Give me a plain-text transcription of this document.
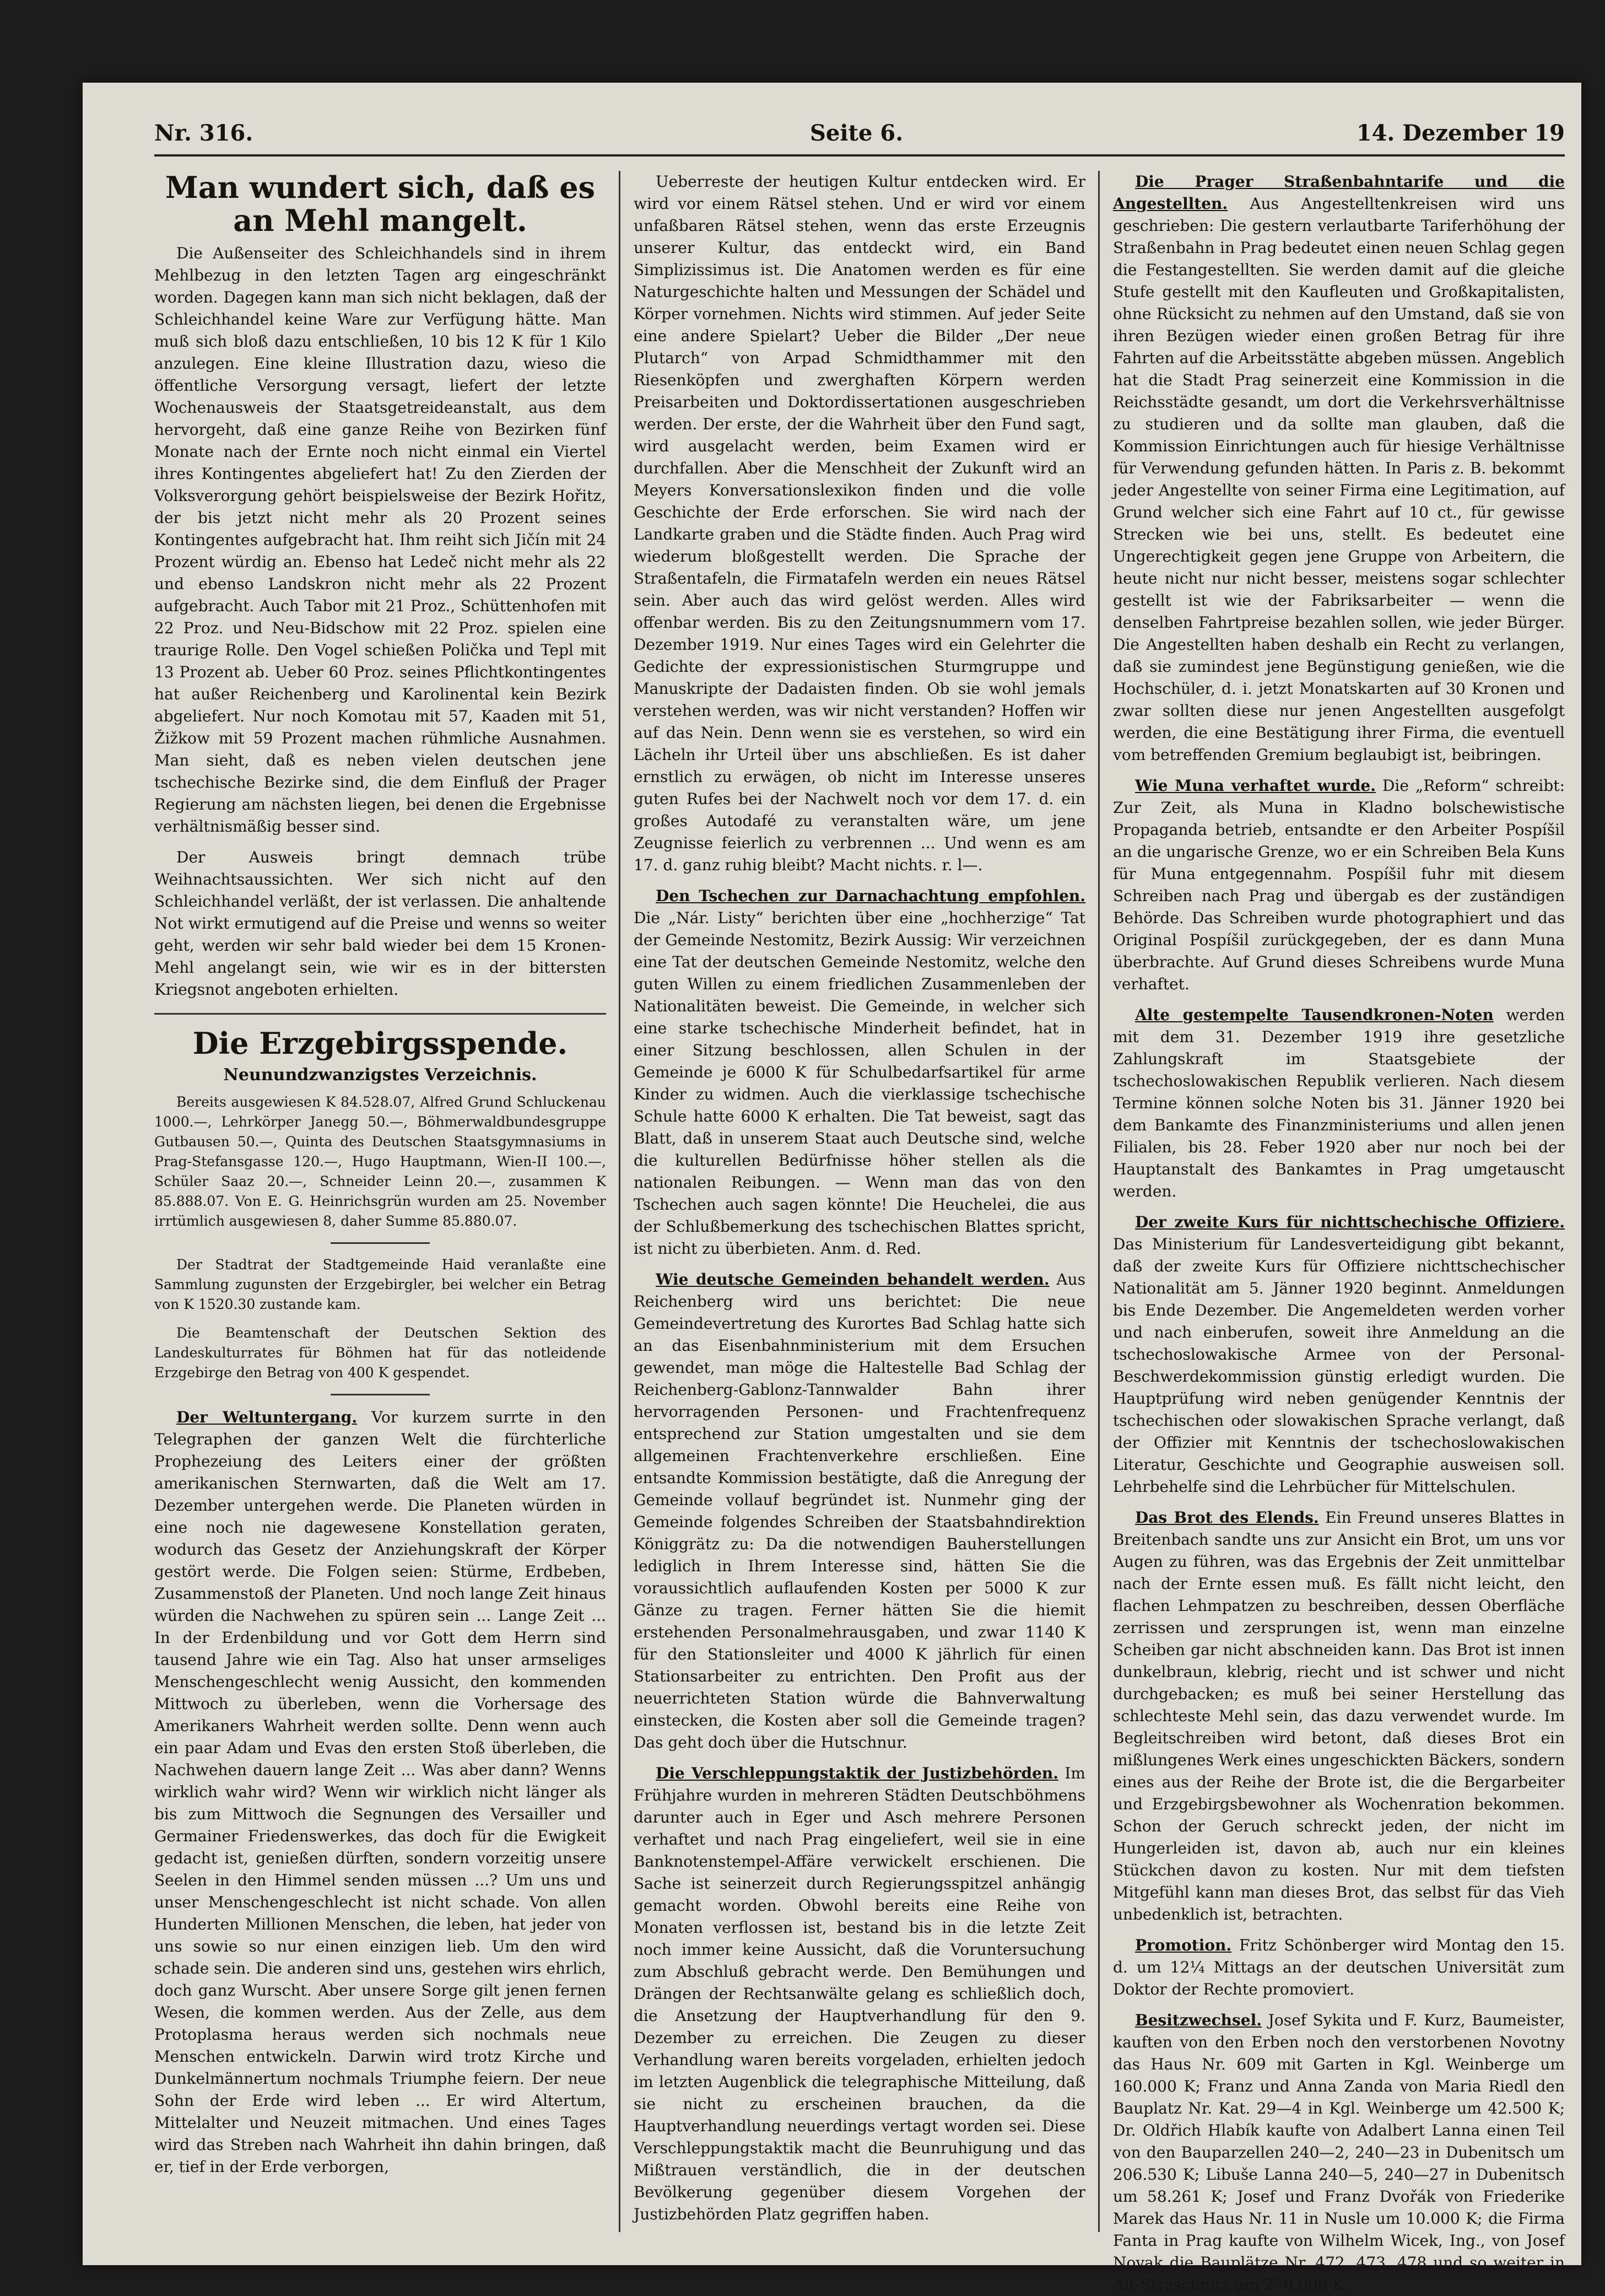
Nr. 316.	Seite 6.	14. Dezember 19
Man wundert sich, daß es an Mehl mangelt.

Die Außenseiter des Schleichhandels sind in ihrem Mehlbezug in den letzten Tagen arg eingeschränkt worden. Dagegen kann man sich nicht beklagen, daß der Schleichhandel keine Ware zur Verfügung hätte. Man muß sich bloß dazu entschließen, 10 bis 12 K für 1 Kilo anzulegen. Eine kleine Illustration dazu, wieso die öffentliche Versorgung versagt, liefert der letzte Wochenausweis der Staatsgetreideanstalt, aus dem hervorgeht, daß eine ganze Reihe von Bezirken fünf Monate nach der Ernte noch nicht einmal ein Viertel ihres Kontingentes abgeliefert hat! Zu den Zierden der Volksverorgung gehört beispielsweise der Bezirk Hořitz, der bis jetzt nicht mehr als 20 Prozent seines Kontingentes aufgebracht hat. Ihm reiht sich Jičín mit 24 Prozent würdig an. Ebenso hat Ledeč nicht mehr als 22 und ebenso Landskron nicht mehr als 22 Prozent aufgebracht. Auch Tabor mit 21 Proz., Schüttenhofen mit 22 Proz. und Neu-Bidschow mit 22 Proz. spielen eine traurige Rolle. Den Vogel schießen Polička und Tepl mit 13 Prozent ab. Ueber 60 Proz. seines Pflichtkontingentes hat außer Reichenberg und Karolinental kein Bezirk abgeliefert. Nur noch Komotau mit 57, Kaaden mit 51, Žižkow mit 59 Prozent machen rühmliche Ausnahmen. Man sieht, daß es neben vielen deutschen jene tschechische Bezirke sind, die dem Einfluß der Prager Regierung am nächsten liegen, bei denen die Ergebnisse verhältnismäßig besser sind.

Der Ausweis bringt demnach trübe Weihnachtsaussichten. Wer sich nicht auf den Schleichhandel verläßt, der ist verlassen. Die anhaltende Not wirkt ermutigend auf die Preise und wenns so weiter geht, werden wir sehr bald wieder bei dem 15 Kronen-Mehl angelangt sein, wie wir es in der bittersten Kriegsnot angeboten erhielten.

Die Erzgebirgsspende.
Neunundzwanzigstes Verzeichnis.

Bereits ausgewiesen K 84.528.07, Alfred Grund Schluckenau 1000.—, Lehrkörper Janegg 50.—, Böhmerwaldbundesgruppe Gutbausen 50.—, Quinta des Deutschen Staatsgymnasiums in Prag-Stefansgasse 120.—, Hugo Hauptmann, Wien-II 100.—, Schüler Saaz 20.—, Schneider Leinn 20.—, zusammen K 85.888.07. Von E. G. Heinrichsgrün wurden am 25. November irrtümlich ausgewiesen 8, daher Summe 85.880.07.

Der Stadtrat der Stadtgemeinde Haid veranlaßte eine Sammlung zugunsten der Erzgebirgler, bei welcher ein Betrag von K 1520.30 zustande kam.

Die Beamtenschaft der Deutschen Sektion des Landeskulturrates für Böhmen hat für das notleidende Erzgebirge den Betrag von 400 K gespendet.

Der Weltuntergang. Vor kurzem surrte in den Telegraphen der ganzen Welt die fürchterliche Prophezeiung des Leiters einer der größten amerikanischen Sternwarten, daß die Welt am 17. Dezember untergehen werde. Die Planeten würden in eine noch nie dagewesene Konstellation geraten, wodurch das Gesetz der Anziehungskraft der Körper gestört werde. Die Folgen seien: Stürme, Erdbeben, Zusammenstoß der Planeten. Und noch lange Zeit hinaus würden die Nachwehen zu spüren sein ... Lange Zeit ... In der Erdenbildung und vor Gott dem Herrn sind tausend Jahre wie ein Tag. Also hat unser armseliges Menschengeschlecht wenig Aussicht, den kommenden Mittwoch zu überleben, wenn die Vorhersage des Amerikaners Wahrheit werden sollte. Denn wenn auch ein paar Adam und Evas den ersten Stoß überleben, die Nachwehen dauern lange Zeit ... Was aber dann? Wenns wirklich wahr wird? Wenn wir wirklich nicht länger als bis zum Mittwoch die Segnungen des Versailler und Germainer Friedenswerkes, das doch für die Ewigkeit gedacht ist, genießen dürften, sondern vorzeitig unsere Seelen in den Himmel senden müssen ...? Um uns und unser Menschengeschlecht ist nicht schade. Von allen Hunderten Millionen Menschen, die leben, hat jeder von uns sowie so nur einen einzigen lieb. Um den wird schade sein. Die anderen sind uns, gestehen wirs ehrlich, doch ganz Wurscht. Aber unsere Sorge gilt jenen fernen Wesen, die kommen werden. Aus der Zelle, aus dem Protoplasma heraus werden sich nochmals neue Menschen entwickeln. Darwin wird trotz Kirche und Dunkelmännertum nochmals Triumphe feiern. Der neue Sohn der Erde wird leben ... Er wird Altertum, Mittelalter und Neuzeit mitmachen. Und eines Tages wird das Streben nach Wahrheit ihn dahin bringen, daß er, tief in der Erde verborgen,

Ueberreste der heutigen Kultur entdecken wird. Er wird vor einem Rätsel stehen. Und er wird vor einem unfaßbaren Rätsel stehen, wenn das erste Erzeugnis unserer Kultur, das entdeckt wird, ein Band Simplizissimus ist. Die Anatomen werden es für eine Naturgeschichte halten und Messungen der Schädel und Körper vornehmen. Nichts wird stimmen. Auf jeder Seite eine andere Spielart? Ueber die Bilder „Der neue Plutarch“ von Arpad Schmidthammer mit den Riesenköpfen und zwerghaften Körpern werden Preisarbeiten und Doktordissertationen ausgeschrieben werden. Der erste, der die Wahrheit über den Fund sagt, wird ausgelacht werden, beim Examen wird er durchfallen. Aber die Menschheit der Zukunft wird an Meyers Konversationslexikon finden und die volle Geschichte der Erde erforschen. Sie wird nach der Landkarte graben und die Städte finden. Auch Prag wird wiederum bloßgestellt werden. Die Sprache der Straßentafeln, die Firmatafeln werden ein neues Rätsel sein. Aber auch das wird gelöst werden. Alles wird offenbar werden. Bis zu den Zeitungsnummern vom 17. Dezember 1919. Nur eines Tages wird ein Gelehrter die Gedichte der expressionistischen Sturmgruppe und Manuskripte der Dadaisten finden. Ob sie wohl jemals verstehen werden, was wir nicht verstanden? Hoffen wir auf das Nein. Denn wenn sie es verstehen, so wird ein Lächeln ihr Urteil über uns abschließen. Es ist daher ernstlich zu erwägen, ob nicht im Interesse unseres guten Rufes bei der Nachwelt noch vor dem 17. d. ein großes Autodafé zu veranstalten wäre, um jene Zeugnisse feierlich zu verbrennen ... Und wenn es am 17. d. ganz ruhig bleibt? Macht nichts. r. l—.

Den Tschechen zur Darnachachtung empfohlen. Die „Nár. Listy“ berichten über eine „hochherzige“ Tat der Gemeinde Nestomitz, Bezirk Aussig: Wir verzeichnen eine Tat der deutschen Gemeinde Nestomitz, welche den guten Willen zu einem friedlichen Zusammenleben der Nationalitäten beweist. Die Gemeinde, in welcher sich eine starke tschechische Minderheit befindet, hat in einer Sitzung beschlossen, allen Schulen in der Gemeinde je 6000 K für Schulbedarfsartikel für arme Kinder zu widmen. Auch die vierklassige tschechische Schule hatte 6000 K erhalten. Die Tat beweist, sagt das Blatt, daß in unserem Staat auch Deutsche sind, welche die kulturellen Bedürfnisse höher stellen als die nationalen Reibungen. — Wenn man das von den Tschechen auch sagen könnte! Die Heuchelei, die aus der Schlußbemerkung des tschechischen Blattes spricht, ist nicht zu überbieten. Anm. d. Red.

Wie deutsche Gemeinden behandelt werden. Aus Reichenberg wird uns berichtet: Die neue Gemeindevertretung des Kurortes Bad Schlag hatte sich an das Eisenbahnministerium mit dem Ersuchen gewendet, man möge die Haltestelle Bad Schlag der Reichenberg-Gablonz-Tannwalder Bahn ihrer hervorragenden Personen- und Frachtenfrequenz entsprechend zur Station umgestalten und sie dem allgemeinen Frachtenverkehre erschließen. Eine entsandte Kommission bestätigte, daß die Anregung der Gemeinde vollauf begründet ist. Nunmehr ging der Gemeinde folgendes Schreiben der Staatsbahndirektion Königgrätz zu: Da die notwendigen Bauherstellungen lediglich in Ihrem Interesse sind, hätten Sie die voraussichtlich auflaufenden Kosten per 5000 K zur Gänze zu tragen. Ferner hätten Sie die hiemit erstehenden Personalmehrausgaben, und zwar 1140 K für den Stationsleiter und 4000 K jährlich für einen Stationsarbeiter zu entrichten. Den Profit aus der neuerrichteten Station würde die Bahnverwaltung einstecken, die Kosten aber soll die Gemeinde tragen? Das geht doch über die Hutschnur.

Die Verschleppungstaktik der Justizbehörden. Im Frühjahre wurden in mehreren Städten Deutschböhmens darunter auch in Eger und Asch mehrere Personen verhaftet und nach Prag eingeliefert, weil sie in eine Banknotenstempel-Affäre verwickelt erschienen. Die Sache ist seinerzeit durch Regierungsspitzel anhängig gemacht worden. Obwohl bereits eine Reihe von Monaten verflossen ist, bestand bis in die letzte Zeit noch immer keine Aussicht, daß die Voruntersuchung zum Abschluß gebracht werde. Den Bemühungen und Drängen der Rechtsanwälte gelang es schließlich doch, die Ansetzung der Hauptverhandlung für den 9. Dezember zu erreichen. Die Zeugen zu dieser Verhandlung waren bereits vorgeladen, erhielten jedoch im letzten Augenblick die telegraphische Mitteilung, daß sie nicht zu erscheinen brauchen, da die Hauptverhandlung neuerdings vertagt worden sei. Diese Verschleppungstaktik macht die Beunruhigung und das Mißtrauen verständlich, die in der deutschen Bevölkerung gegenüber diesem Vorgehen der Justizbehörden Platz gegriffen haben.

Die Prager Straßenbahntarife und die Angestellten. Aus Angestelltenkreisen wird uns geschrieben: Die gestern verlautbarte Tariferhöhung der Straßenbahn in Prag bedeutet einen neuen Schlag gegen die Festangestellten. Sie werden damit auf die gleiche Stufe gestellt mit den Kaufleuten und Großkapitalisten, ohne Rücksicht zu nehmen auf den Umstand, daß sie von ihren Bezügen wieder einen großen Betrag für ihre Fahrten auf die Arbeitsstätte abgeben müssen. Angeblich hat die Stadt Prag seinerzeit eine Kommission in die Reichsstädte gesandt, um dort die Verkehrsverhältnisse zu studieren und da sollte man glauben, daß die Kommission Einrichtungen auch für hiesige Verhältnisse für Verwendung gefunden hätten. In Paris z. B. bekommt jeder Angestellte von seiner Firma eine Legitimation, auf Grund welcher sich eine Fahrt auf 10 ct., für gewisse Strecken wie bei uns, stellt. Es bedeutet eine Ungerechtigkeit gegen jene Gruppe von Arbeitern, die heute nicht nur nicht besser, meistens sogar schlechter gestellt ist wie der Fabriksarbeiter — wenn die denselben Fahrtpreise bezahlen sollen, wie jeder Bürger. Die Angestellten haben deshalb ein Recht zu verlangen, daß sie zumindest jene Begünstigung genießen, wie die Hochschüler, d. i. jetzt Monatskarten auf 30 Kronen und zwar sollten diese nur jenen Angestellten ausgefolgt werden, die eine Bestätigung ihrer Firma, die eventuell vom betreffenden Gremium beglaubigt ist, beibringen.

Wie Muna verhaftet wurde. Die „Reform“ schreibt: Zur Zeit, als Muna in Kladno bolschewistische Propaganda betrieb, entsandte er den Arbeiter Pospíšil an die ungarische Grenze, wo er ein Schreiben Bela Kuns für Muna entgegennahm. Pospíšil fuhr mit diesem Schreiben nach Prag und übergab es der zuständigen Behörde. Das Schreiben wurde photographiert und das Original Pospíšil zurückgegeben, der es dann Muna überbrachte. Auf Grund dieses Schreibens wurde Muna verhaftet.

Alte gestempelte Tausendkronen-Noten werden mit dem 31. Dezember 1919 ihre gesetzliche Zahlungskraft im Staatsgebiete der tschechoslowakischen Republik verlieren. Nach diesem Termine können solche Noten bis 31. Jänner 1920 bei dem Bankamte des Finanzministeriums und allen jenen Filialen, bis 28. Feber 1920 aber nur noch bei der Hauptanstalt des Bankamtes in Prag umgetauscht werden.

Der zweite Kurs für nichttschechische Offiziere. Das Ministerium für Landesverteidigung gibt bekannt, daß der zweite Kurs für Offiziere nichttschechischer Nationalität am 5. Jänner 1920 beginnt. Anmeldungen bis Ende Dezember. Die Angemeldeten werden vorher und nach einberufen, soweit ihre Anmeldung an die tschechoslowakische Armee von der Personal-Beschwerdekommission günstig erledigt wurden. Die Hauptprüfung wird neben genügender Kenntnis der tschechischen oder slowakischen Sprache verlangt, daß der Offizier mit Kenntnis der tschechoslowakischen Literatur, Geschichte und Geographie ausweisen soll. Lehrbehelfe sind die Lehrbücher für Mittelschulen.

Das Brot des Elends. Ein Freund unseres Blattes in Breitenbach sandte uns zur Ansicht ein Brot, um uns vor Augen zu führen, was das Ergebnis der Zeit unmittelbar nach der Ernte essen muß. Es fällt nicht leicht, den flachen Lehmpatzen zu beschreiben, dessen Oberfläche zerrissen und zersprungen ist, wenn man einzelne Scheiben gar nicht abschneiden kann. Das Brot ist innen dunkelbraun, klebrig, riecht und ist schwer und nicht durchgebacken; es muß bei seiner Herstellung das schlechteste Mehl sein, das dazu verwendet wurde. Im Begleitschreiben wird betont, daß dieses Brot ein mißlungenes Werk eines ungeschickten Bäckers, sondern eines aus der Reihe der Brote ist, die die Bergarbeiter und Erzgebirgsbewohner als Wochenration bekommen. Schon der Geruch schreckt jeden, der nicht im Hungerleiden ist, davon ab, auch nur ein kleines Stückchen davon zu kosten. Nur mit dem tiefsten Mitgefühl kann man dieses Brot, das selbst für das Vieh unbedenklich ist, betrachten.

Promotion. Fritz Schönberger wird Montag den 15. d. um 12¼ Mittags an der deutschen Universität zum Doktor der Rechte promoviert.

Besitzwechsel. Josef Sykita und F. Kurz, Baumeister, kauften von den Erben noch den verstorbenen Novotny das Haus Nr. 609 mit Garten in Kgl. Weinberge um 160.000 K; Franz und Anna Zanda von Maria Riedl den Bauplatz Nr. Kat. 29—4 in Kgl. Weinberge um 42.500 K; Dr. Oldřich Hlabík kaufte von Adalbert Lanna einen Teil von den Bauparzellen 240—2, 240—23 in Dubenitsch um 206.530 K; Libuše Lanna 240—5, 240—27 in Dubenitsch um 58.261 K; Josef und Franz Dvořák von Friederike Marek das Haus Nr. 11 in Nusle um 10.000 K; die Firma Fanta in Prag kaufte von Wilhelm Wicek, Ing., von Josef Novak die Bauplätze Nr. 472, 473, 478 und so weiter in Alt-Straschnitz um 270.000 K.
